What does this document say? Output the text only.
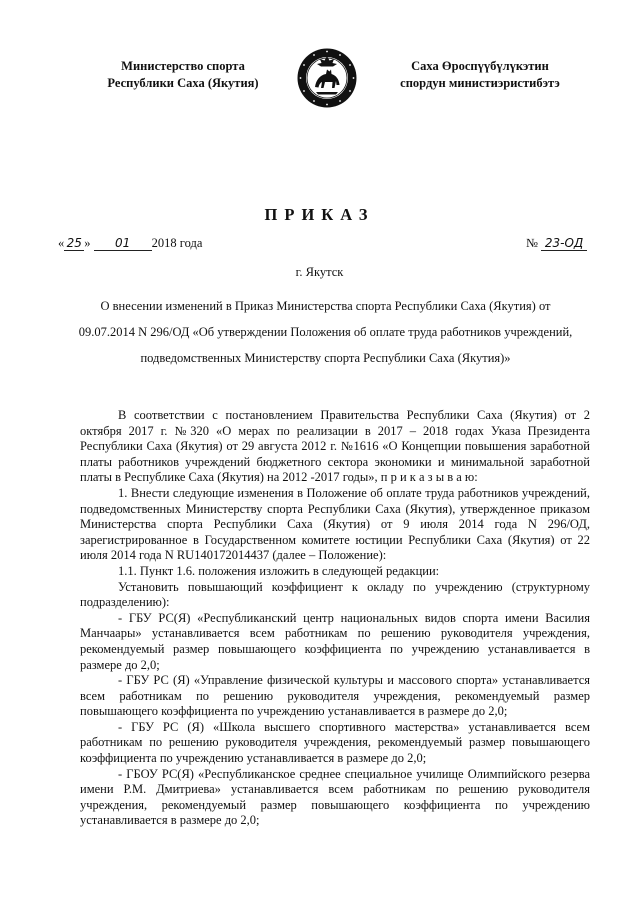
Министерство спорта
Республики Саха (Якутия)
Саха Өроспүүбүлүкэтин
спордун министиэристибэтэ
ПРИКАЗ
« 25 » 01 2018 года	№ 23-ОД
г. Якутск
О внесении изменений в Приказ Министерства спорта Республики Саха (Якутия) от
09.07.2014 N 296/ОД «Об утверждении Положения об оплате труда работников учреждений,
подведомственных Министерству спорта Республики Саха (Якутия)»

В соответствии с постановлением Правительства Республики Саха (Якутия) от 2 октября 2017 г. №320 «О мерах по реализации в 2017 – 2018 годах Указа Президента Республики Саха (Якутия) от 29 августа 2012 г. №1616 «О Концепции повышения заработной платы работников учреждений бюджетного сектора экономики и минимальной заработной платы в Республике Саха (Якутия) на 2012 -2017 годы», п р и к а з ы в а ю:

1. Внести следующие изменения в Положение об оплате труда работников учреждений, подведомственных Министерству спорта Республики Саха (Якутия), утвержденное приказом Министерства спорта Республики Саха (Якутия) от 9 июля 2014 года N 296/ОД, зарегистрированное в Государственном комитете юстиции Республики Саха (Якутия) от 22 июля 2014 года N RU140172014437 (далее – Положение):

1.1. Пункт 1.6. положения изложить в следующей редакции:

Установить повышающий коэффициент к окладу по учреждению (структурному подразделению):

- ГБУ РС(Я) «Республиканский центр национальных видов спорта имени Василия Манчаары» устанавливается всем работникам по решению руководителя учреждения, рекомендуемый размер повышающего коэффициента по учреждению устанавливается в размере до 2,0;

- ГБУ РС (Я) «Управление физической культуры и массового спорта» устанавливается всем работникам по решению руководителя учреждения, рекомендуемый размер повышающего коэффициента по учреждению устанавливается в размере до 2,0;

- ГБУ РС (Я) «Школа высшего спортивного мастерства» устанавливается всем работникам по решению руководителя учреждения, рекомендуемый размер повышающего коэффициента по учреждению устанавливается в размере до 2,0;

- ГБОУ РС(Я) «Республиканское среднее специальное училище Олимпийского резерва имени Р.М. Дмитриева» устанавливается всем работникам по решению руководителя учреждения, рекомендуемый размер повышающего коэффициента по учреждению устанавливается в размере до 2,0;
